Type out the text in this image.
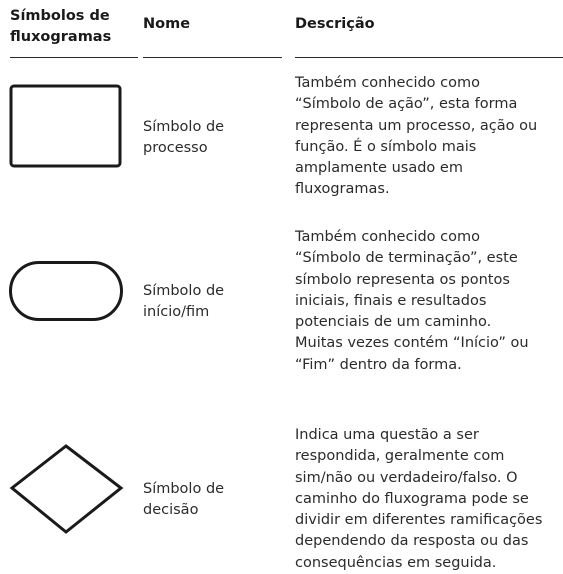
Símbolos de
fluxogramas
Nome	Descrição
Símbolo de
processo
Também conhecido como
“Símbolo de ação”, esta forma
representa um processo, ação ou
função. É o símbolo mais
amplamente usado em
fluxogramas.
Símbolo de
início/fim
Também conhecido como
“Símbolo de terminação”, este
símbolo representa os pontos
iniciais, finais e resultados
potenciais de um caminho.
Muitas vezes contém “Início” ou
“Fim” dentro da forma.
Símbolo de
decisão
Indica uma questão a ser
respondida, geralmente com
sim/não ou verdadeiro/falso. O
caminho do fluxograma pode se
dividir em diferentes ramificações
dependendo da resposta ou das
consequências em seguida.
